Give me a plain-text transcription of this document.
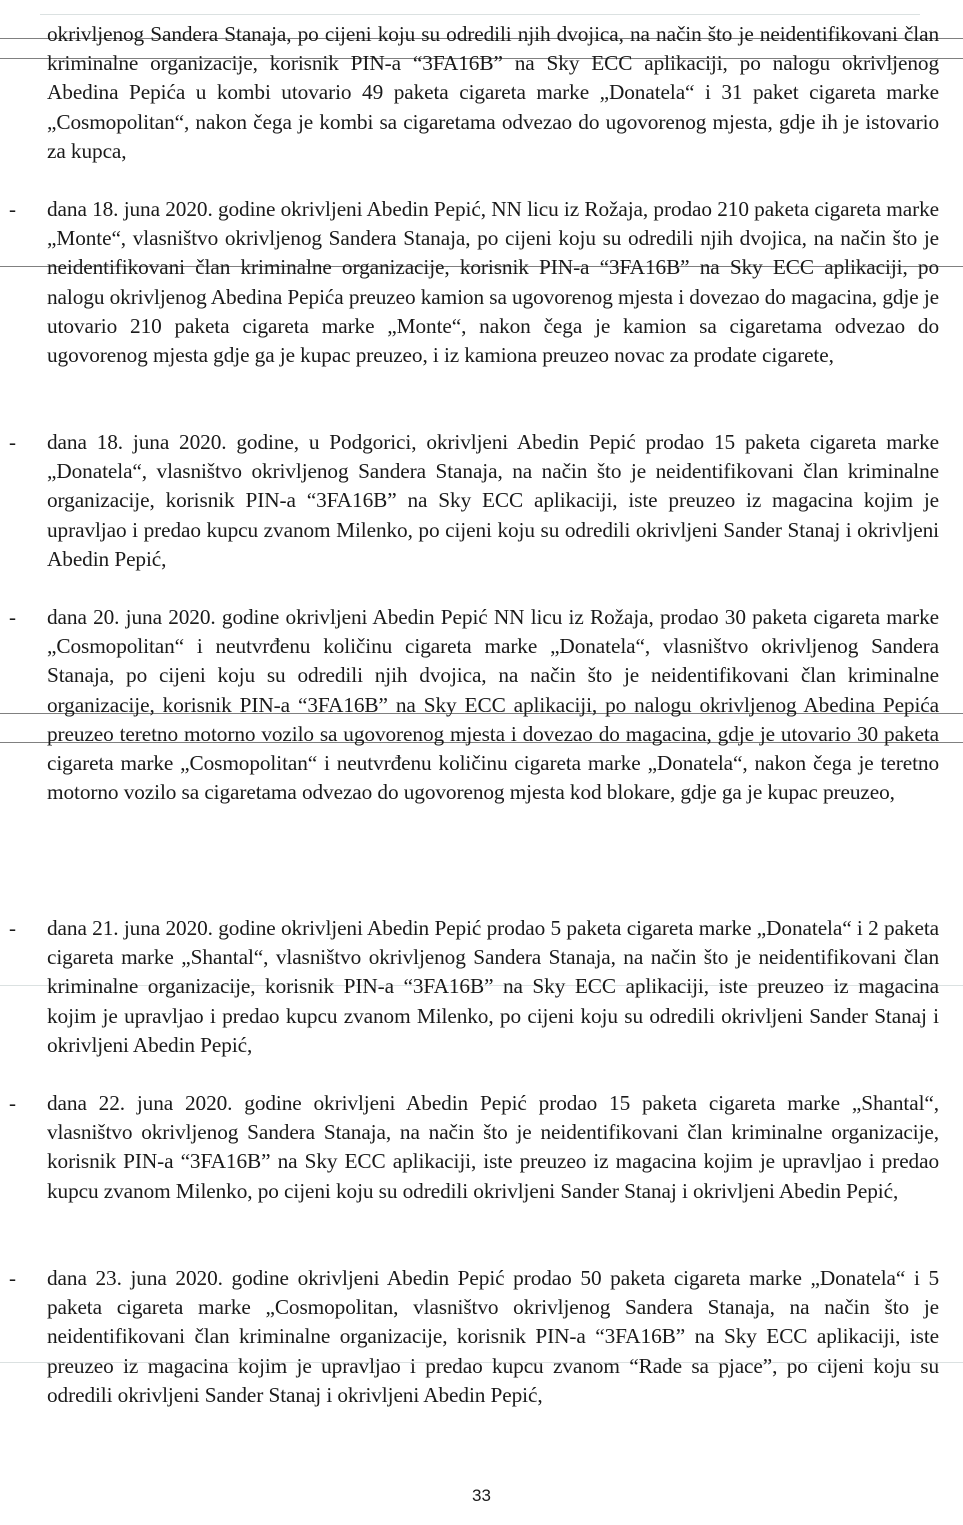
okrivljenog Sandera Stanaja, po cijeni koju su odredili njih dvojica, na način što je neidentifikovani član kriminalne organizacije, korisnik PIN-a “3FA16B” na Sky ECC aplikaciji, po nalogu okrivljenog Abedina Pepića u kombi utovario 49 paketa cigareta marke „Donatela“ i 31 paket cigareta marke „Cosmopolitan“, nakon čega je kombi sa cigaretama odvezao do ugovorenog mjesta, gdje ih je istovario za kupca,

- dana 18. juna 2020. godine okrivljeni Abedin Pepić, NN licu iz Rožaja, prodao 210 paketa cigareta marke „Monte“, vlasništvo okrivljenog Sandera Stanaja, po cijeni koju su odredili njih dvojica, na način što je neidentifikovani član kriminalne organizacije, korisnik PIN-a “3FA16B” na Sky ECC aplikaciji, po nalogu okrivljenog Abedina Pepića preuzeo kamion sa ugovorenog mjesta i dovezao do magacina, gdje je utovario 210 paketa cigareta marke „Monte“, nakon čega je kamion sa cigaretama odvezao do ugovorenog mjesta gdje ga je kupac preuzeo, i iz kamiona preuzeo novac za prodate cigarete,

- dana 18. juna 2020. godine, u Podgorici, okrivljeni Abedin Pepić prodao 15 paketa cigareta marke „Donatela“, vlasništvo okrivljenog Sandera Stanaja, na način što je neidentifikovani član kriminalne organizacije, korisnik PIN-a “3FA16B” na Sky ECC aplikaciji, iste preuzeo iz magacina kojim je upravljao i predao kupcu zvanom Milenko, po cijeni koju su odredili okrivljeni Sander Stanaj i okrivljeni Abedin Pepić,

- dana 20. juna 2020. godine okrivljeni Abedin Pepić NN licu iz Rožaja, prodao 30 paketa cigareta marke „Cosmopolitan“ i neutvrđenu količinu cigareta marke „Donatela“, vlasništvo okrivljenog Sandera Stanaja, po cijeni koju su odredili njih dvojica, na način što je neidentifikovani član kriminalne organizacije, korisnik PIN-a “3FA16B” na Sky ECC aplikaciji, po nalogu okrivljenog Abedina Pepića preuzeo teretno motorno vozilo sa ugovorenog mjesta i dovezao do magacina, gdje je utovario 30 paketa cigareta marke „Cosmopolitan“ i neutvrđenu količinu cigareta marke „Donatela“, nakon čega je teretno motorno vozilo sa cigaretama odvezao do ugovorenog mjesta kod blokare, gdje ga je kupac preuzeo,

- dana 21. juna 2020. godine okrivljeni Abedin Pepić prodao 5 paketa cigareta marke „Donatela“ i 2 paketa cigareta marke „Shantal“, vlasništvo okrivljenog Sandera Stanaja, na način što je neidentifikovani član kriminalne organizacije, korisnik PIN-a “3FA16B” na Sky ECC aplikaciji, iste preuzeo iz magacina kojim je upravljao i predao kupcu zvanom Milenko, po cijeni koju su odredili okrivljeni Sander Stanaj i okrivljeni Abedin Pepić,

- dana 22. juna 2020. godine okrivljeni Abedin Pepić prodao 15 paketa cigareta marke „Shantal“, vlasništvo okrivljenog Sandera Stanaja, na način što je neidentifikovani član kriminalne organizacije, korisnik PIN-a “3FA16B” na Sky ECC aplikaciji, iste preuzeo iz magacina kojim je upravljao i predao kupcu zvanom Milenko, po cijeni koju su odredili okrivljeni Sander Stanaj i okrivljeni Abedin Pepić,

- dana 23. juna 2020. godine okrivljeni Abedin Pepić prodao 50 paketa cigareta marke „Donatela“ i 5 paketa cigareta marke „Cosmopolitan, vlasništvo okrivljenog Sandera Stanaja, na način što je neidentifikovani član kriminalne organizacije, korisnik PIN-a “3FA16B” na Sky ECC aplikaciji, iste preuzeo iz magacina kojim je upravljao i predao kupcu zvanom “Rade sa pjace”, po cijeni koju su odredili okrivljeni Sander Stanaj i okrivljeni Abedin Pepić,

33
